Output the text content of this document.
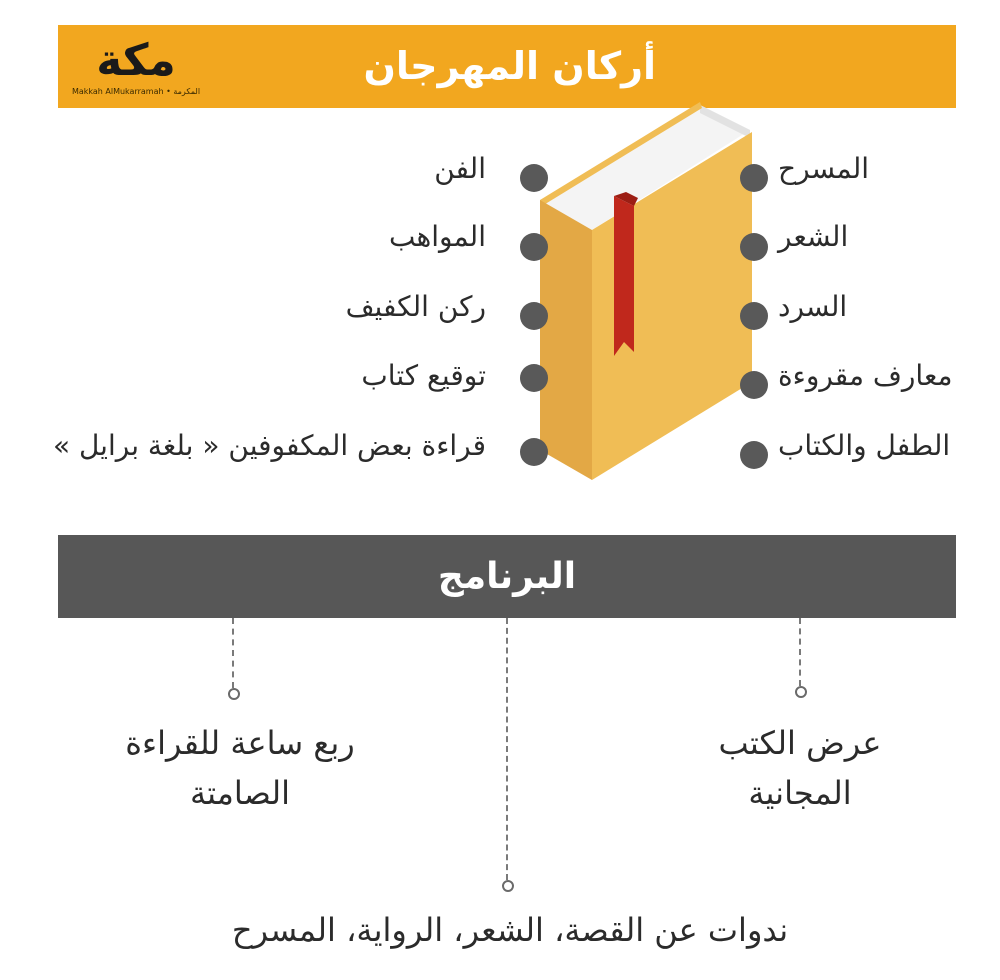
مكة
Makkah AlMukarramah • المكرمة
أركان المهرجان
المسرح
الشعر
السرد
معارف مقروءة
الطفل والكتاب
الفن
المواهب
ركن الكفيف
توقيع كتاب
قراءة بعض المكفوفين « بلغة برايل »
البرنامج
عرض الكتب
المجانية
ربع ساعة للقراءة
الصامتة
ندوات عن القصة، الشعر، الرواية، المسرح
